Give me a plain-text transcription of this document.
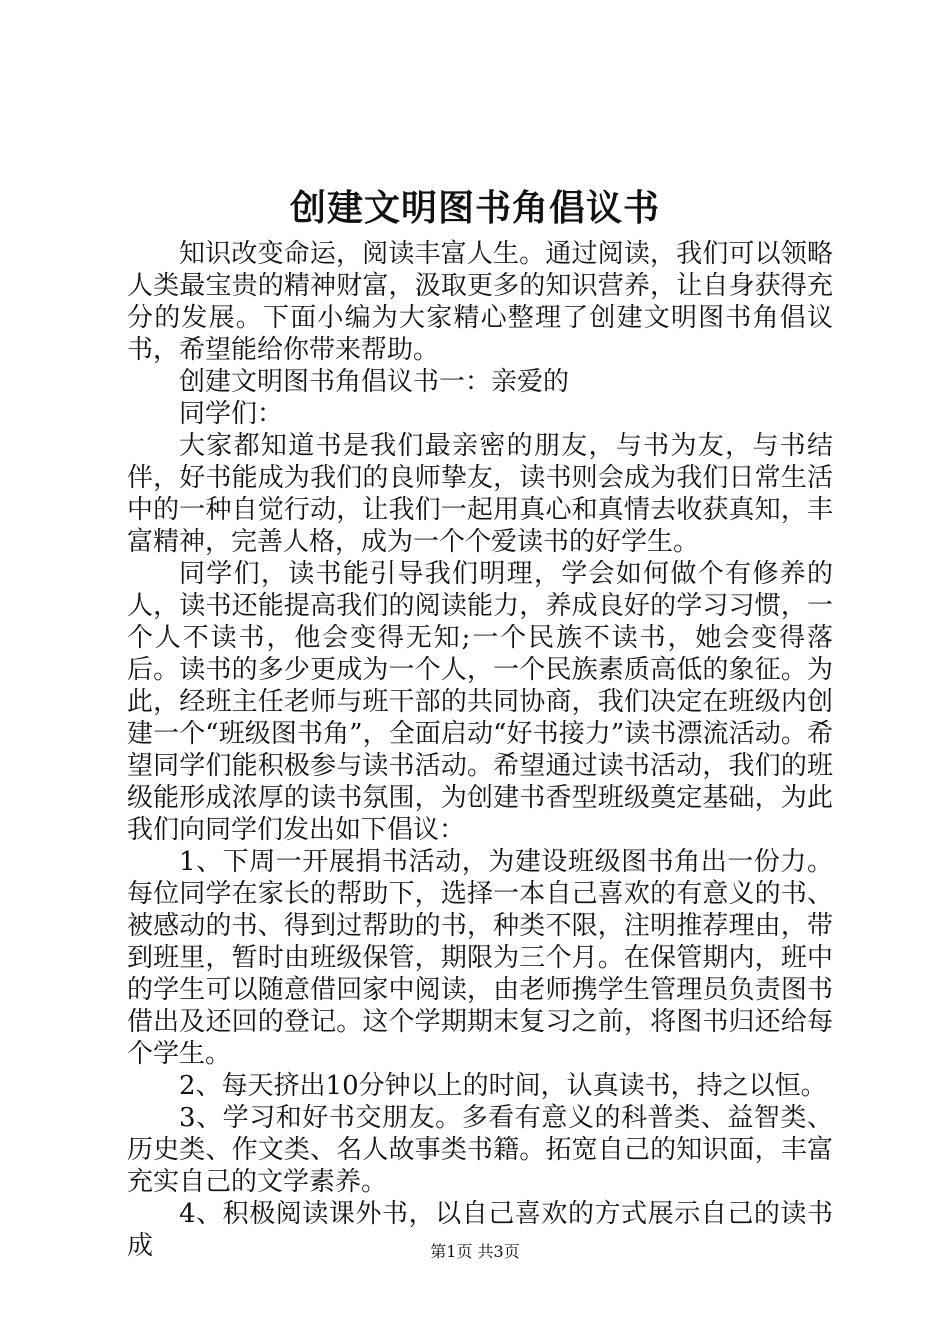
创建文明图书角倡议书

知识改变命运，阅读丰富人生。通过阅读，我们可以领略人类最宝贵的精神财富，汲取更多的知识营养，让自身获得充分的发展。下面小编为大家精心整理了创建文明图书角倡议书，希望能给你带来帮助。

创建文明图书角倡议书一：亲爱的

同学们：

大家都知道书是我们最亲密的朋友，与书为友，与书结伴，好书能成为我们的良师挚友，读书则会成为我们日常生活中的一种自觉行动，让我们一起用真心和真情去收获真知，丰富精神，完善人格，成为一个个爱读书的好学生。

同学们，读书能引导我们明理，学会如何做个有修养的人，读书还能提高我们的阅读能力，养成良好的学习习惯，一个人不读书，他会变得无知;一个民族不读书，她会变得落后。读书的多少更成为一个人，一个民族素质高低的象征。为此，经班主任老师与班干部的共同协商，我们决定在班级内创建一个“班级图书角”，全面启动“好书接力”读书漂流活动。希望同学们能积极参与读书活动。希望通过读书活动，我们的班级能形成浓厚的读书氛围，为创建书香型班级奠定基础，为此我们向同学们发出如下倡议：

1、下周一开展捐书活动，为建设班级图书角出一份力。每位同学在家长的帮助下，选择一本自己喜欢的有意义的书、被感动的书、得到过帮助的书，种类不限，注明推荐理由，带到班里，暂时由班级保管，期限为三个月。在保管期内，班中的学生可以随意借回家中阅读，由老师携学生管理员负责图书借出及还回的登记。这个学期期末复习之前，将图书归还给每个学生。

2、每天挤出10分钟以上的时间，认真读书，持之以恒。

3、学习和好书交朋友。多看有意义的科普类、益智类、历史类、作文类、名人故事类书籍。拓宽自己的知识面，丰富充实自己的文学素养。

4、积极阅读课外书，以自己喜欢的方式展示自己的读书成	第1页 共3页
